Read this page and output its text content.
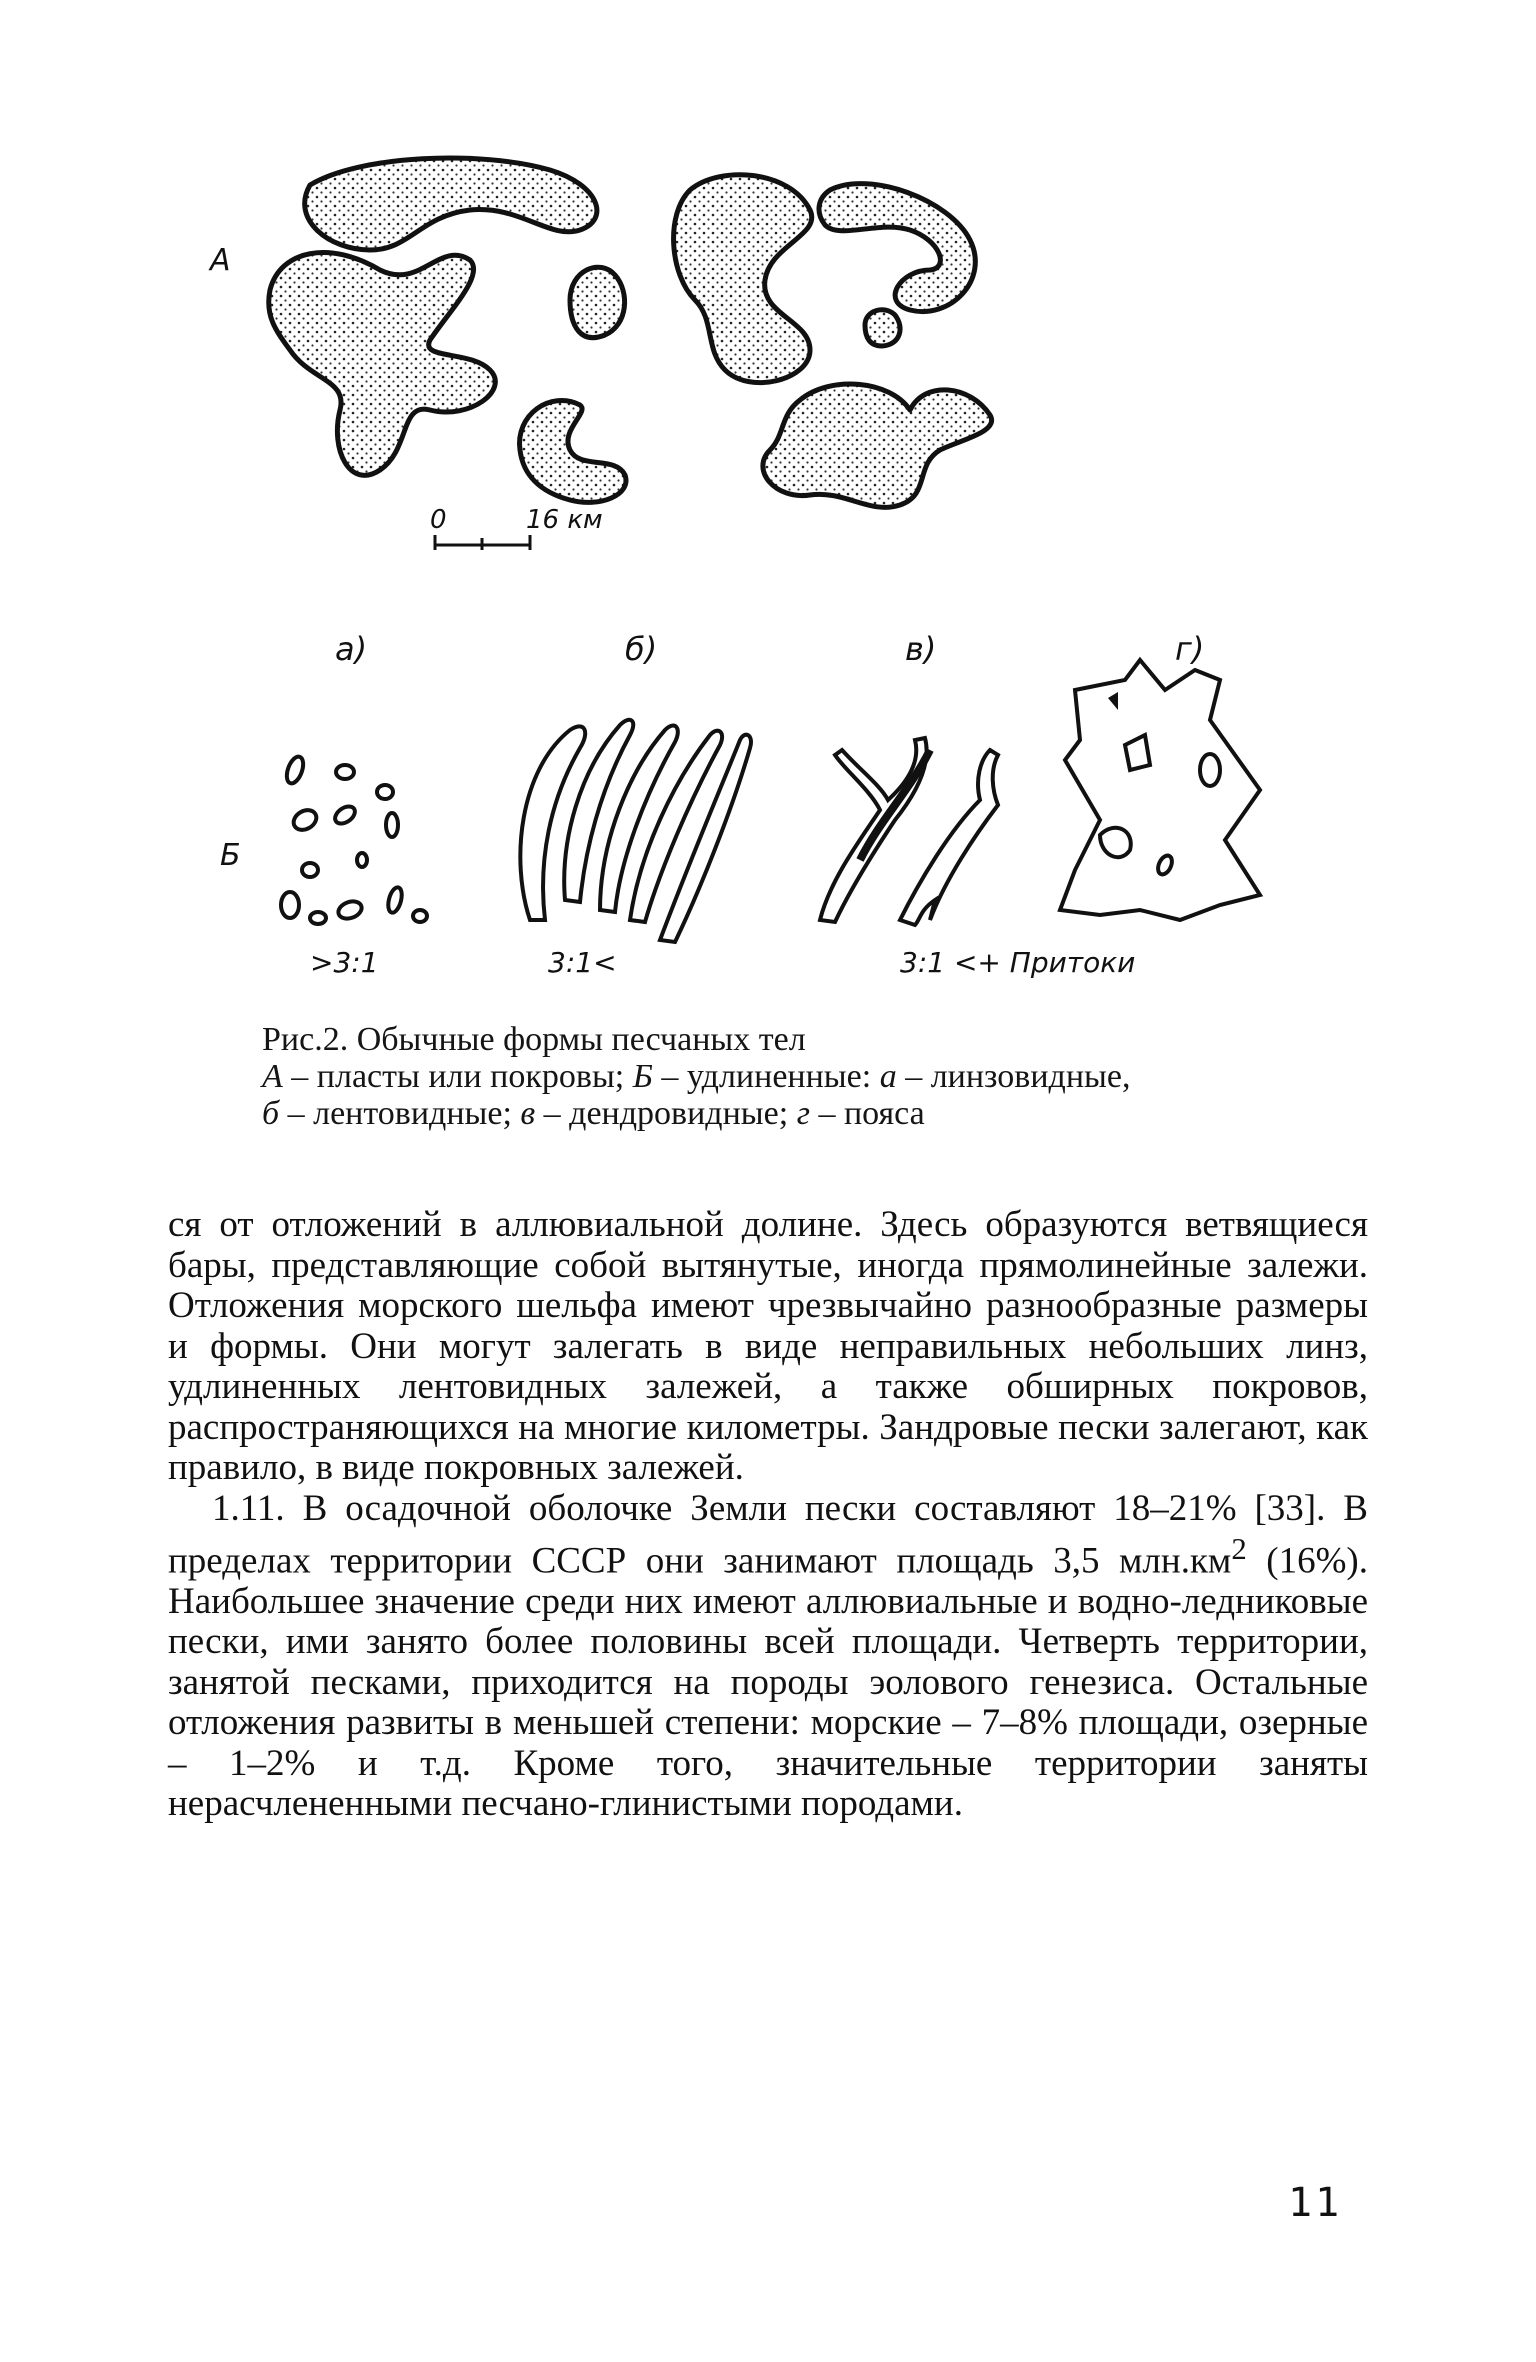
А
0	16 км
а)	б)	в)	г)
Б
>3:1	3:1<	3:1 <+ Притоки
Рис.2. Обычные формы песчаных тел
А – пласты или покровы; Б – удлиненные: а – линзовидные,
б – лентовидные; в – дендровидные; г – пояса

ся от отложений в аллювиальной долине. Здесь образуются ветвящиеся бары, представляющие собой вытянутые, иногда прямолинейные залежи. Отложения морского шельфа имеют чрезвычайно разнообразные размеры и формы. Они могут залегать в виде неправильных небольших линз, удлиненных лентовидных залежей, а также обширных покровов, распространяющихся на многие километры. Зандровые пески залегают, как правило, в виде покровных залежей.

1.11. В осадочной оболочке Земли пески составляют 18–21% [33]. В пределах территории СССР они занимают площадь 3,5 $млн.км^2$ (16%). Наибольшее значение среди них имеют аллювиальные и водно-ледниковые пески, ими занято более половины всей площади. Четверть территории, занятой песками, приходится на породы эолового генезиса. Остальные отложения развиты в меньшей степени: морские – 7–8% площади, озерные – 1–2% и т.д. Кроме того, значительные территории заняты нерасчлененными песчано-глинистыми породами.

11
